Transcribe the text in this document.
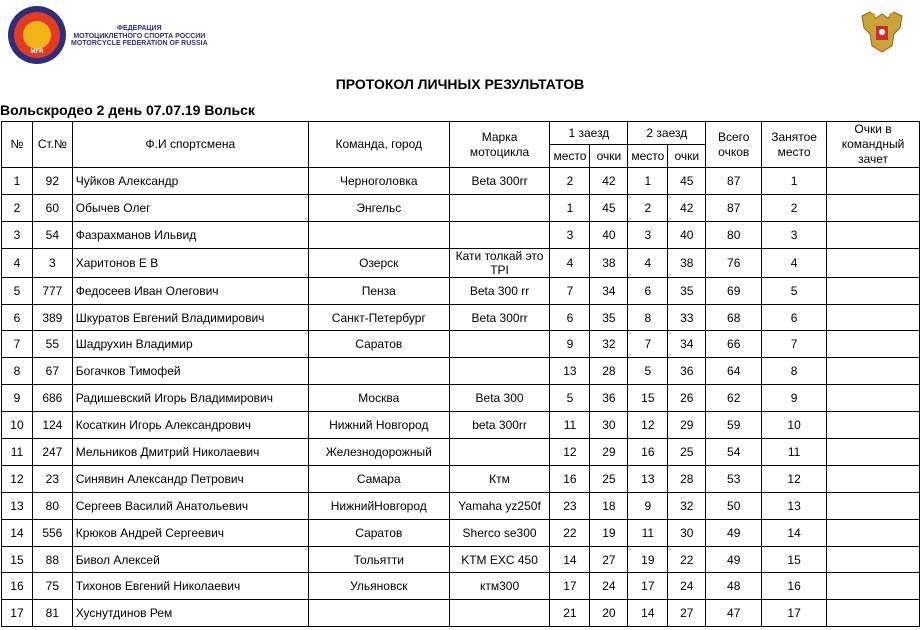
MFR
ФЕДЕРАЦИЯ
МОТОЦИКЛЕТНОГО СПОРТА РОССИИ
MOTORCYCLE FEDERATION OF RUSSIA
ПРОТОКОЛ ЛИЧНЫХ РЕЗУЛЬТАТОВ
Вольскродео 2 день 07.07.19 Вольск
№	Ст.№	Ф.И спортсмена	Команда, город	Марка мотоцикла	1 заезд		2 заезд		Всего очков	Занятое место	Очки в командный зачет
					место	очки	место	очки			
1	92	Чуйков Александр	Черноголовка	Beta 300rr	2	42	1	45	87	1	
2	60	Обычев Олег	Энгельс		1	45	2	42	87	2	
3	54	Фазрахманов Ильвид			3	40	3	40	80	3	
4	3	Харитонов Е В	Озерск	Кати толкай это TPI	4	38	4	38	76	4	
5	777	Федосеев Иван Олегович	Пенза	Beta 300 rr	7	34	6	35	69	5	
6	389	Шкуратов Евгений Владимирович	Санкт-Петербург	Beta 300rr	6	35	8	33	68	6	
7	55	Шадрухин Владимир	Саратов		9	32	7	34	66	7	
8	67	Богачков Тимофей			13	28	5	36	64	8	
9	686	Радишевский Игорь Владимирович	Москва	Beta 300	5	36	15	26	62	9	
10	124	Косаткин Игорь Александрович	Нижний Новгород	beta 300rr	11	30	12	29	59	10	
11	247	Мельников Дмитрий Николаевич	Железнодорожный		12	29	16	25	54	11	
12	23	Синявин Александр Петрович	Самара	Ктм	16	25	13	28	53	12	
13	80	Сергеев Василий Анатольевич	НижнийНовгород	Yamaha yz250f	23	18	9	32	50	13	
14	556	Крюков Андрей Сергеевич	Саратов	Sherco se300	22	19	11	30	49	14	
15	88	Бивол Алексей	Тольятти	KTM EXC 450	14	27	19	22	49	15	
16	75	Тихонов Евгений Николаевич	Ульяновск	ктм300	17	24	17	24	48	16	
17	81	Хуснутдинов Рем			21	20	14	27	47	17	
